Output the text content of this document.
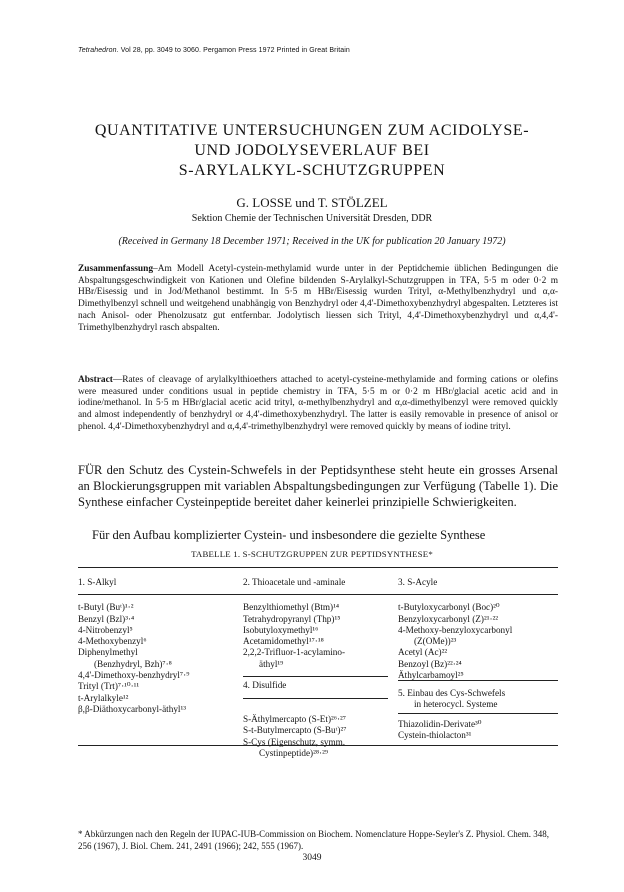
Tetrahedron. Vol 28, pp. 3049 to 3060. Pergamon Press 1972 Printed in Great Britain
QUANTITATIVE UNTERSUCHUNGEN ZUM ACIDOLYSE-
UND JODOLYSEVERLAUF BEI
S-ARYLALKYL-SCHUTZGRUPPEN
G. LOSSE und T. STÖLZEL
Sektion Chemie der Technischen Universität Dresden, DDR
(Received in Germany 18 December 1971; Received in the UK for publication 20 January 1972)
Zusammenfassung–Am Modell Acetyl-cystein-methylamid wurde unter in der Peptidchemie üblichen Bedingungen die Abspaltungsgeschwindigkeit von Kationen und Olefine bildenden S-Arylalkyl-Schutzgruppen in TFA, 5·5 m oder 0·2 m HBr/Eisessig und in Jod/Methanol bestimmt. In 5·5 m HBr/Eisessig wurden Trityl, α-Methylbenzhydryl und α,α-Dimethylbenzyl schnell und weitgehend unabhängig von Benzhydryl oder 4,4'-Dimethoxybenzhydryl abgespalten. Letzteres ist nach Anisol- oder Phenolzusatz gut entfernbar. Jodolytisch liessen sich Trityl, 4,4'-Dimethoxybenzhydryl und α,4,4'-Trimethylbenzhydryl rasch abspalten.
Abstract—Rates of cleavage of arylalkylthioethers attached to acetyl-cysteine-methylamide and forming cations or olefins were measured under conditions usual in peptide chemistry in TFA, 5·5 m or 0·2 m HBr/glacial acetic acid and in iodine/methanol. In 5·5 m HBr/glacial acetic acid trityl, α-methylbenzhydryl and α,α-dimethylbenzyl were removed quickly and almost independently of benzhydryl or 4,4'-dimethoxybenzhydryl. The latter is easily removable in presence of anisol or phenol. 4,4'-Dimethoxybenzhydryl and α,4,4'-trimethylbenzhydryl were removed quickly by means of iodine trityl.
FÜR den Schutz des Cystein-Schwefels in der Peptidsynthese steht heute ein grosses Arsenal an Blockierungsgruppen mit variablen Abspaltungsbedingungen zur Verfügung (Tabelle 1). Die Synthese einfacher Cysteinpeptide bereitet daher keinerlei prinzipielle Schwierigkeiten.
Für den Aufbau komplizierter Cystein- und insbesondere die gezielte Synthese
TABELLE 1. S-SCHUTZGRUPPEN ZUR PEPTIDSYNTHESE*
1. S-Alkyl
t-Butyl (Buᵗ)¹·²
Benzyl (Bzl)³·⁴
4-Nitrobenzyl⁵
4-Methoxybenzyl⁶
Diphenylmethyl
(Benzhydryl, Bzh)⁷·⁸
4,4'-Dimethoxy-benzhydryl⁷·⁹
Trityl (Trt)⁷·¹⁰·¹¹
t-Arylalkyle¹²
β,β-Diäthoxycarbonyl-äthyl¹³
2. Thioacetale und -aminale
Benzylthiomethyl (Btm)¹⁴
Tetrahydropyranyl (Thp)¹⁵
Isobutyloxymethyl¹⁶
Acetamidomethyl¹⁷·¹⁸
2,2,2-Trifluor-1-acylamino-
äthyl¹⁹
4. Disulfide
S-Äthylmercapto (S-Et)²⁶·²⁷
S-t-Butylmercapto (S-Buᵗ)²⁷
S-Cys (Eigenschutz, symm.
Cystinpeptide)²⁸·²⁹
3. S-Acyle
t-Butyloxycarbonyl (Boc)²⁰
Benzyloxycarbonyl (Z)²¹·²²
4-Methoxy-benzyloxycarbonyl
(Z(OMe))²³
Acetyl (Ac)²²
Benzoyl (Bz)²²·²⁴
Äthylcarbamoyl²⁵
5. Einbau des Cys-Schwefels
in heterocycl. Systeme
Thiazolidin-Derivate³⁰
Cystein-thiolacton³¹
* Abkürzungen nach den Regeln der IUPAC-IUB-Commission on Biochem. Nomenclature Hoppe-Seyler's Z. Physiol. Chem. 348, 256 (1967), J. Biol. Chem. 241, 2491 (1966); 242, 555 (1967).
3049
